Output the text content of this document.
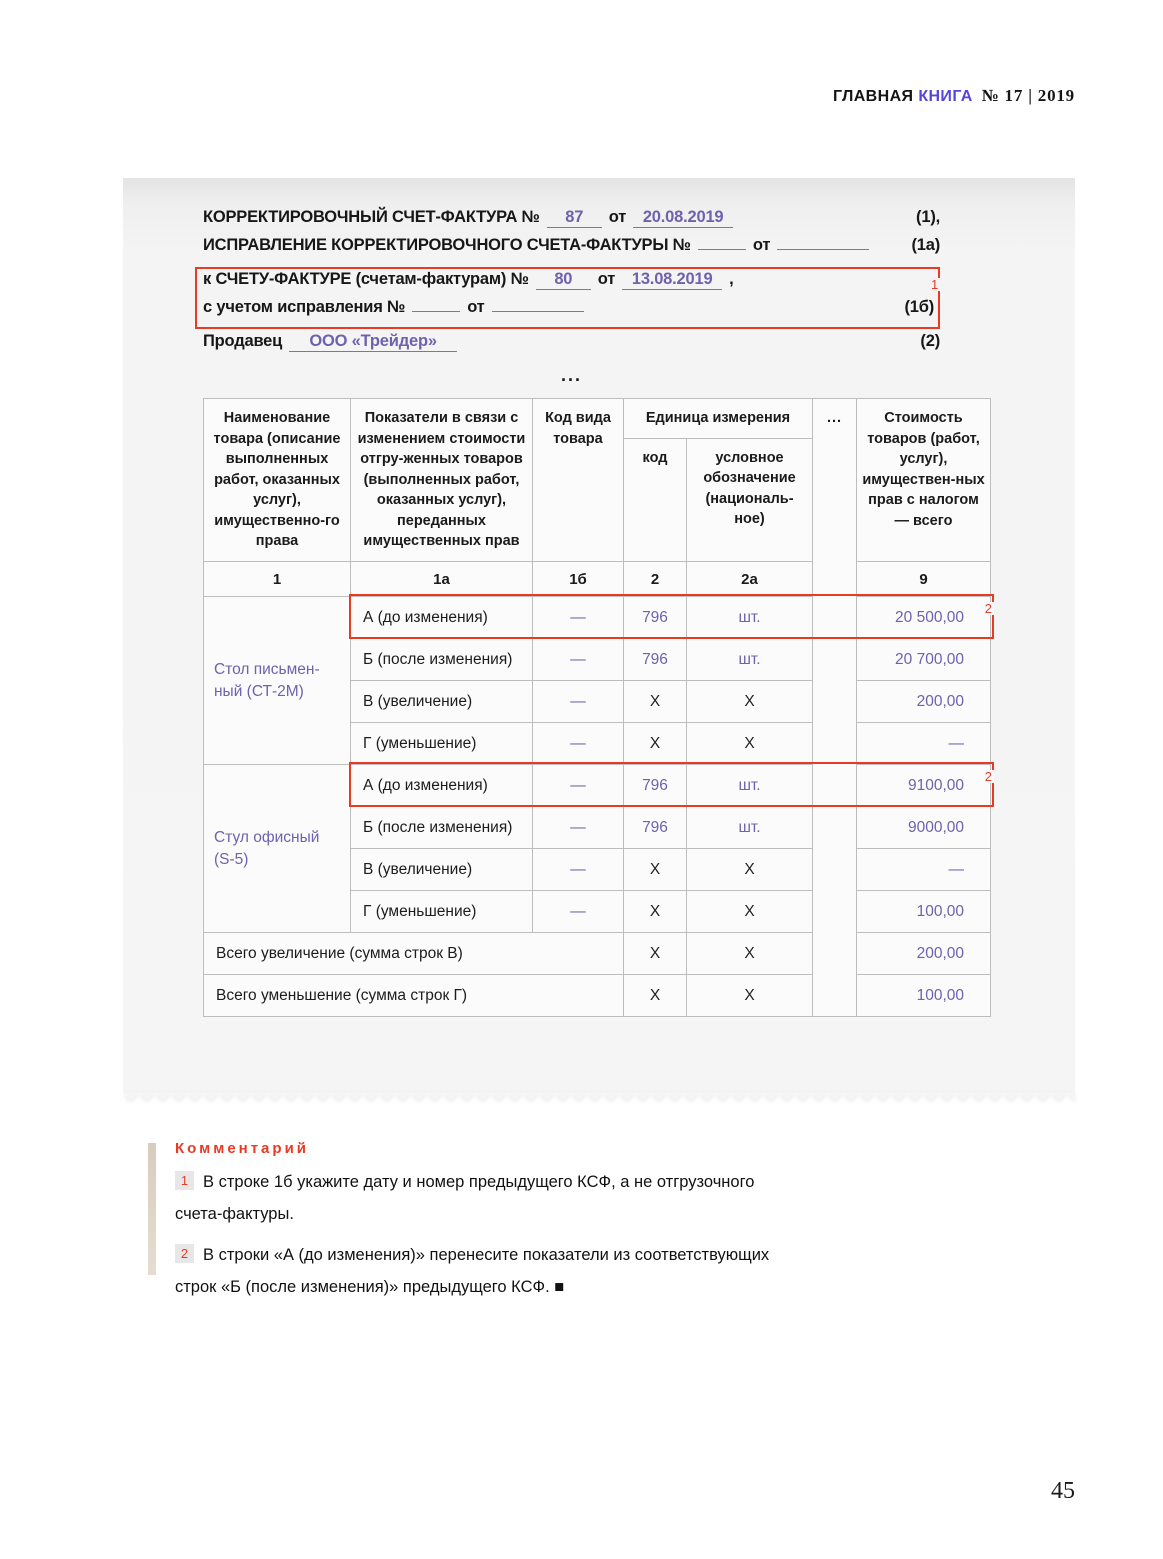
ГЛАВНАЯ КНИГА № 17 | 2019
КОРРЕКТИРОВОЧНЫЙ СЧЕТ-ФАКТУРА №	87	от	20.08.2019	(1),
ИСПРАВЛЕНИЕ КОРРЕКТИРОВОЧНОГО СЧЕТА-ФАКТУРЫ №	от	(1а)
1
к СЧЕТУ-ФАКТУРЕ (счетам-фактурам) №	80	от	13.08.2019	,
с учетом исправления №	от	(1б)
Продавец	ООО «Трейдер»	(2)
...
Наименование товара (описание выполненных работ, оказанных услуг), имущественно-го права	Показатели в связи с изменением стоимости отгру-женных товаров (выполненных работ, оказанных услуг), переданных имущественных прав	Код вида товара	Единица измерения		...	Стоимость товаров (работ, услуг), имуществен-ных прав с налогом — всего
			код	условное обозначение (националь-ное)		
1	1а	1б	2	2а		9
Стол письмен-ный (СТ-2М)	А (до изменения)	—	796	шт.		20 500,00
	Б (после изменения)	—	796	шт.		20 700,00
	В (увеличение)	—	Х	Х		200,00
	Г (уменьшение)	—	Х	Х		—
Стул офисный (S-5)	А (до изменения)	—	796	шт.		9100,00
	Б (после изменения)	—	796	шт.		9000,00
	В (увеличение)	—	Х	Х		—
	Г (уменьшение)	—	Х	Х		100,00
Всего увеличение (сумма строк В)			Х	Х		200,00
Всего уменьшение (сумма строк Г)			Х	Х		100,00
2
2
Комментарий

1 В строке 1б укажите дату и номер предыдущего КСФ, а не отгрузочного счета-фактуры.

2 В строки «А (до изменения)» перенесите показатели из соответствующих строк «Б (после изменения)» предыдущего КСФ. ■

45
